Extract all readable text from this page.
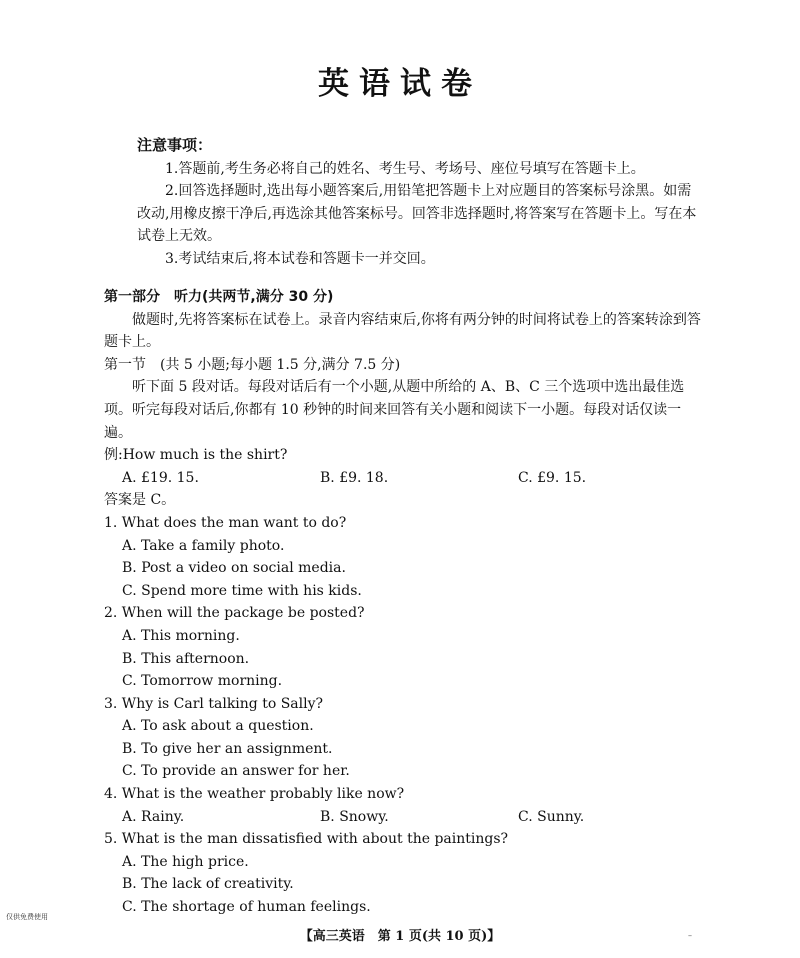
英语试卷
注意事项：
1.答题前,考生务必将自己的姓名、考生号、考场号、座位号填写在答题卡上。
2.回答选择题时,选出每小题答案后,用铅笔把答题卡上对应题目的答案标号涂黑。如需改动,用橡皮擦干净后,再选涂其他答案标号。回答非选择题时,将答案写在答题卡上。写在本试卷上无效。
3.考试结束后,将本试卷和答题卡一并交回。
第一部分　听力(共两节,满分 30 分)
做题时,先将答案标在试卷上。录音内容结束后,你将有两分钟的时间将试卷上的答案转涂到答题卡上。
第一节　(共 5 小题;每小题 1.5 分,满分 7.5 分)
听下面 5 段对话。每段对话后有一个小题,从题中所给的 A、B、C 三个选项中选出最佳选项。听完每段对话后,你都有 10 秒钟的时间来回答有关小题和阅读下一小题。每段对话仅读一遍。
例:How much is the shirt?
A. £19. 15.	B. £9. 18.	C. £9. 15.
答案是 C。
1. What does the man want to do?
A. Take a family photo.
B. Post a video on social media.
C. Spend more time with his kids.
2. When will the package be posted?
A. This morning.
B. This afternoon.
C. Tomorrow morning.
3. Why is Carl talking to Sally?
A. To ask about a question.
B. To give her an assignment.
C. To provide an answer for her.
4. What is the weather probably like now?
A. Rainy.	B. Snowy.	C. Sunny.
5. What is the man dissatisfied with about the paintings?
A. The high price.
B. The lack of creativity.
C. The shortage of human feelings.
仅供免费使用
【高三英语　第 1 页(共 10 页)】	–
